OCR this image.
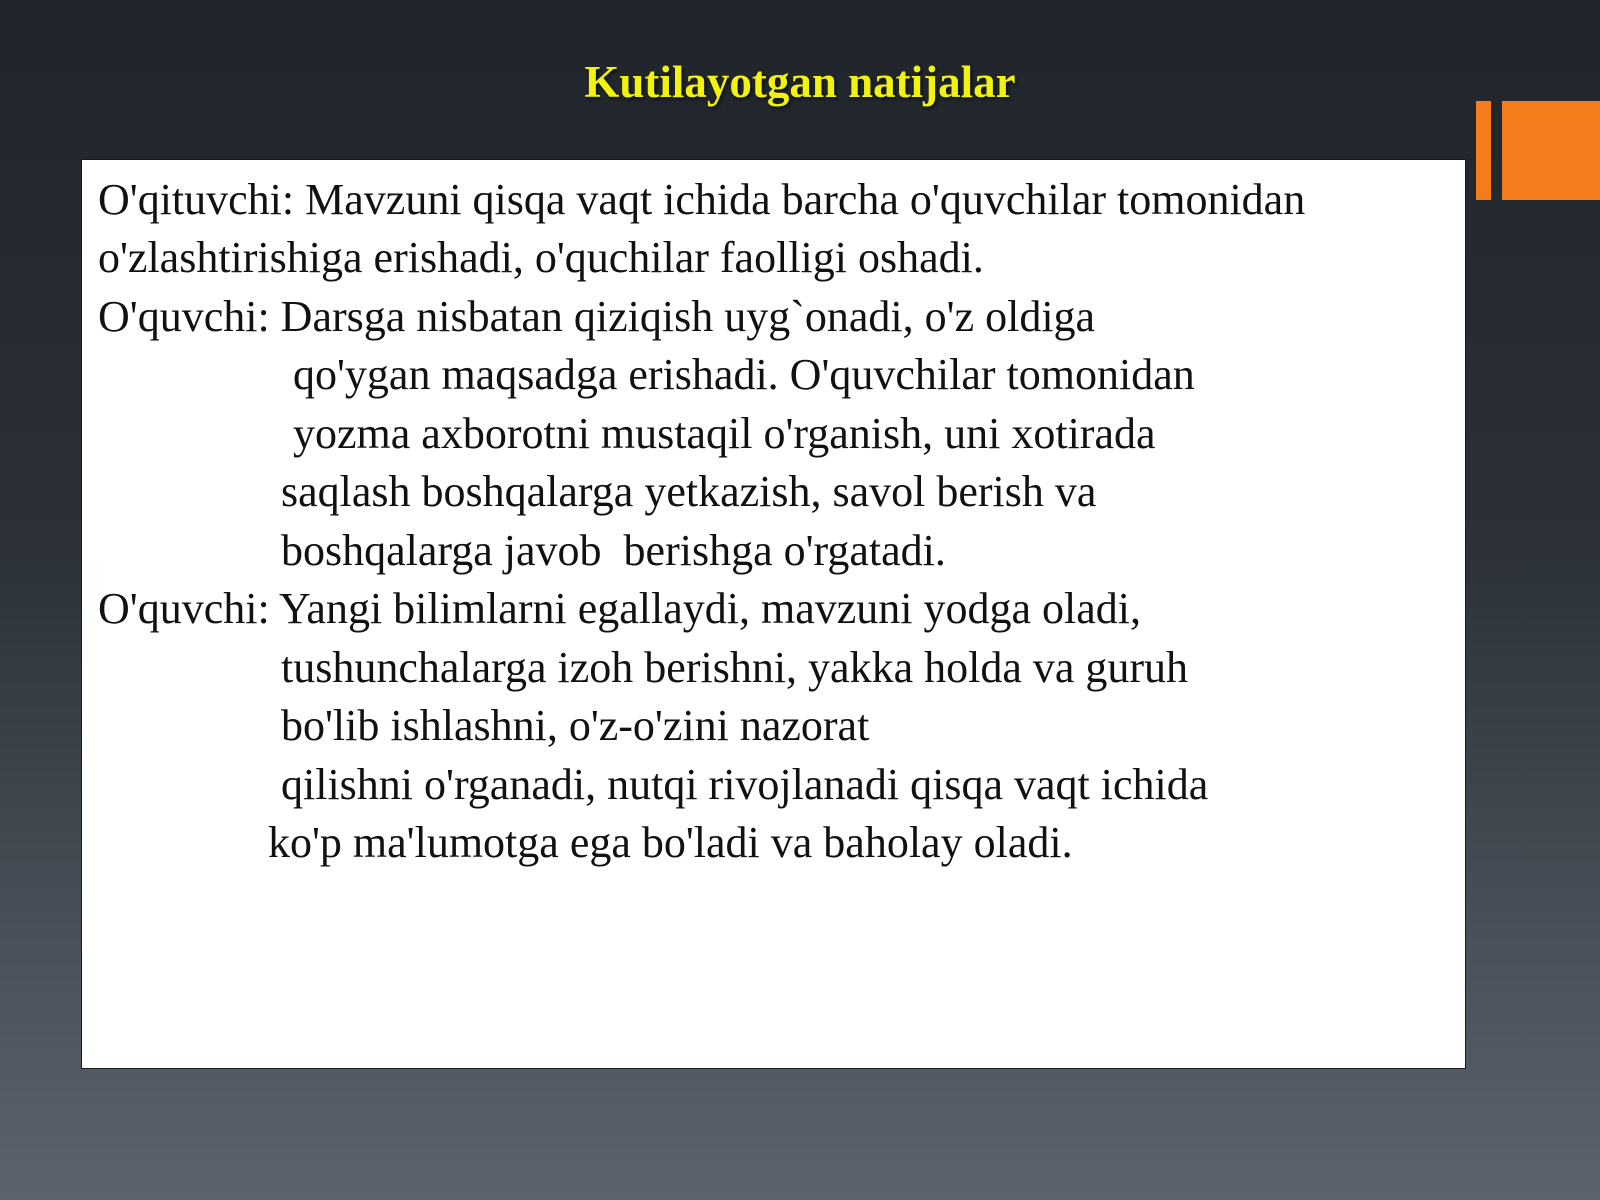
Kutilayotgan natijalar
O'qituvchi: Mavzuni qisqa vaqt ichida barcha o'quvchilar tomonidan
o'zlashtirishiga erishadi, o'quchilar faolligi oshadi.
O'quvchi: Darsga nisbatan qiziqish uyg`onadi, o'z oldiga
qo'ygan maqsadga erishadi. O'quvchilar tomonidan
yozma axborotni mustaqil o'rganish, uni xotirada
saqlash boshqalarga yetkazish, savol berish va
boshqalarga javob  berishga o'rgatadi.
O'quvchi: Yangi bilimlarni egallaydi, mavzuni yodga oladi,
tushunchalarga izoh berishni, yakka holda va guruh
bo'lib ishlashni, o'z-o'zini nazorat
qilishni o'rganadi, nutqi rivojlanadi qisqa vaqt ichida
ko'p ma'lumotga ega bo'ladi va baholay oladi.
